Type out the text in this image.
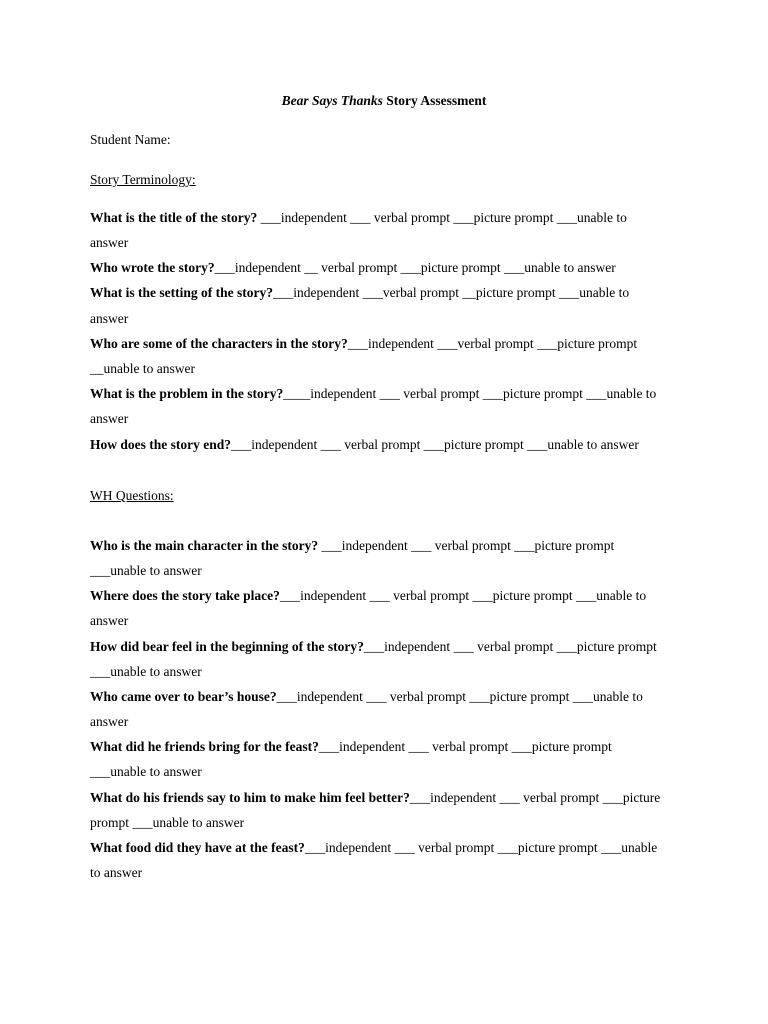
Bear Says Thanks Story Assessment
Student Name:
Story Terminology:
What is the title of the story? ___independent ___ verbal prompt ___picture prompt ___unable to
answer
Who wrote the story?___independent __ verbal prompt ___picture prompt ___unable to answer
What is the setting of the story?___independent ___verbal prompt __picture prompt ___unable to
answer
Who are some of the characters in the story?___independent ___verbal prompt ___picture prompt
__unable to answer
What is the problem in the story?____independent ___ verbal prompt ___picture prompt ___unable to
answer
How does the story end?___independent ___ verbal prompt ___picture prompt ___unable to answer
WH Questions:
Who is the main character in the story? ___independent ___ verbal prompt ___picture prompt
___unable to answer
Where does the story take place?___independent ___ verbal prompt ___picture prompt ___unable to
answer
How did bear feel in the beginning of the story?___independent ___ verbal prompt ___picture prompt
___unable to answer
Who came over to bear’s house?___independent ___ verbal prompt ___picture prompt ___unable to
answer
What did he friends bring for the feast?___independent ___ verbal prompt ___picture prompt
___unable to answer
What do his friends say to him to make him feel better?___independent ___ verbal prompt ___picture
prompt ___unable to answer
What food did they have at the feast?___independent ___ verbal prompt ___picture prompt ___unable
to answer
